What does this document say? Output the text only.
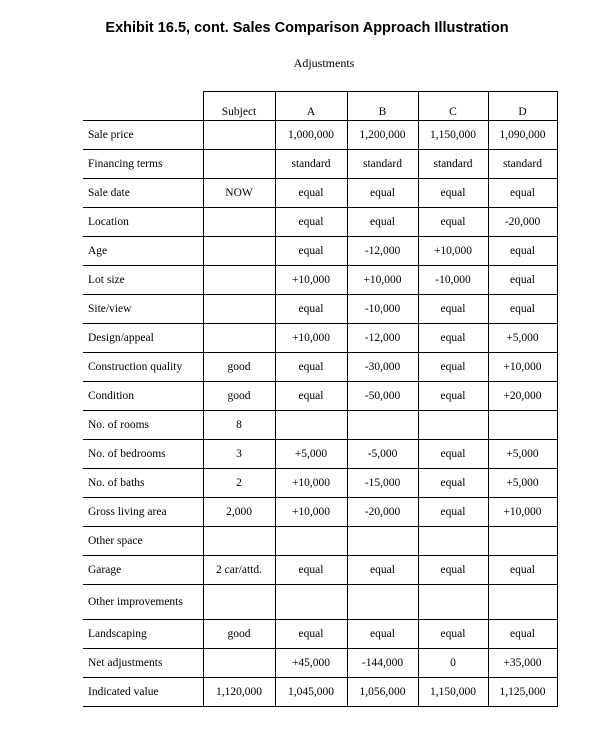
Exhibit 16.5, cont. Sales Comparison Approach Illustration
Adjustments
	Subject	A	B	C	D
Sale price		1,000,000	1,200,000	1,150,000	1,090,000
Financing terms		standard	standard	standard	standard
Sale date	NOW	equal	equal	equal	equal
Location		equal	equal	equal	-20,000
Age		equal	-12,000	+10,000	equal
Lot size		+10,000	+10,000	-10,000	equal
Site/view		equal	-10,000	equal	equal
Design/appeal		+10,000	-12,000	equal	+5,000
Construction quality	good	equal	-30,000	equal	+10,000
Condition	good	equal	-50,000	equal	+20,000
No. of rooms	8				
No. of bedrooms	3	+5,000	-5,000	equal	+5,000
No. of baths	2	+10,000	-15,000	equal	+5,000
Gross living area	2,000	+10,000	-20,000	equal	+10,000
Other space					
Garage	2 car/attd.	equal	equal	equal	equal
Other improvements					
Landscaping	good	equal	equal	equal	equal
Net adjustments		+45,000	-144,000	0	+35,000
Indicated value	1,120,000	1,045,000	1,056,000	1,150,000	1,125,000
